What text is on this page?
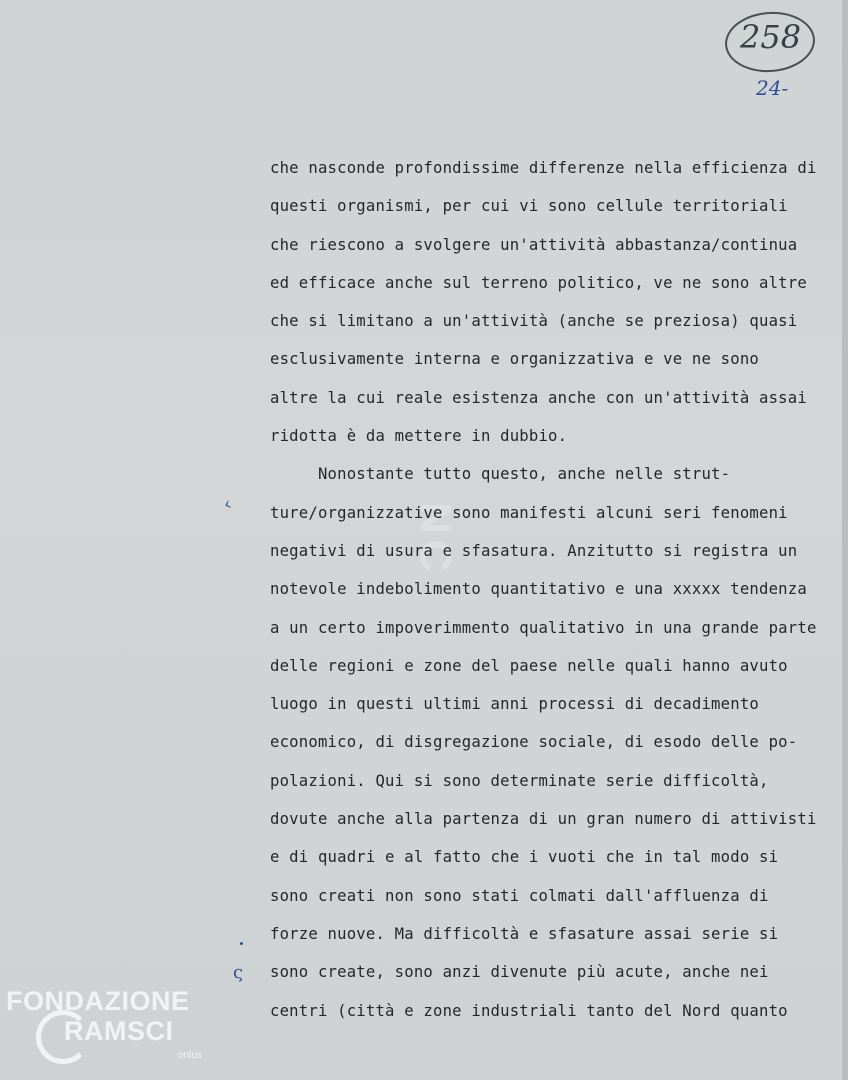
NC
258
24-
‹
ς
che nasconde profondissime differenze nella efficienza di
questi organismi, per cui vi sono cellule territoriali
che riescono a svolgere un'attività abbastanza/continua
ed efficace anche sul terreno politico, ve ne sono altre
che si limitano a un'attività (anche se preziosa) quasi
esclusivamente interna e organizzativa e ve ne sono
altre la cui reale esistenza anche con un'attività assai
ridotta è da mettere in dubbio.
Nonostante tutto questo, anche nelle strut-
ture/organizzative sono manifesti alcuni seri fenomeni
negativi di usura e sfasatura. Anzitutto si registra un
notevole indebolimento quantitativo e una xxxxx tendenza
a un certo impoverimmento qualitativo in una grande parte
delle regioni e zone del paese nelle quali hanno avuto
luogo in questi ultimi anni processi di decadimento
economico, di disgregazione sociale, di esodo delle po-
polazioni. Qui si sono determinate serie difficoltà,
dovute anche alla partenza di un gran numero di attivisti
e di quadri e al fatto che i vuoti che in tal modo si
sono creati non sono stati colmati dall'affluenza di
forze nuove. Ma difficoltà e sfasature assai serie si
sono create, sono anzi divenute più acute, anche nei
centri (città e zone industriali tanto del Nord quanto
FONDAZIONE
RAMSCI
onlus
